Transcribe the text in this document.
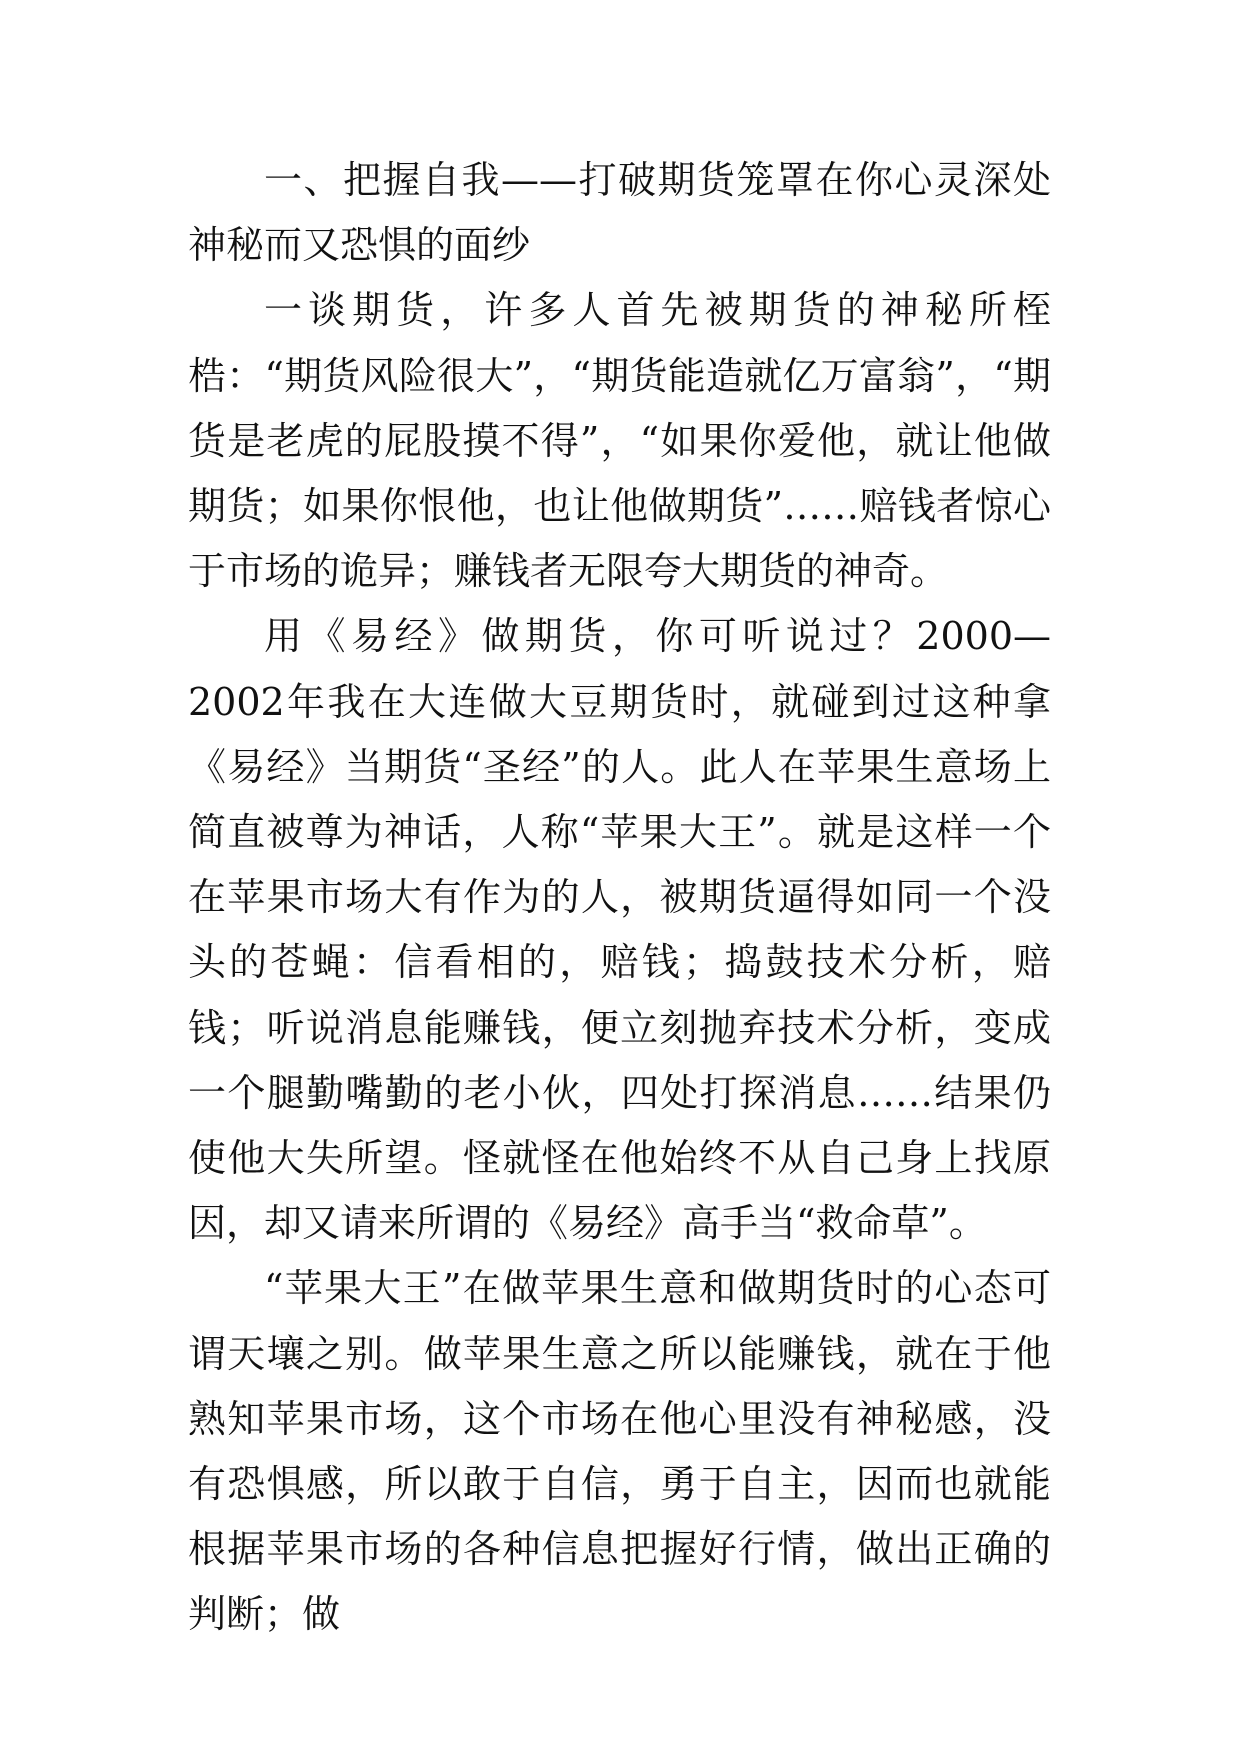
一、把握自我——打破期货笼罩在你心灵深处神秘而又恐惧的面纱

一谈期货，许多人首先被期货的神秘所桎梏：“期货风险很大”，“期货能造就亿万富翁”，“期货是老虎的屁股摸不得”，“如果你爱他，就让他做期货；如果你恨他，也让他做期货”……赔钱者惊心于市场的诡异；赚钱者无限夸大期货的神奇。

用《易经》做期货，你可听说过？2000—2002年我在大连做大豆期货时，就碰到过这种拿《易经》当期货“圣经”的人。此人在苹果生意场上简直被尊为神话，人称“苹果大王”。就是这样一个在苹果市场大有作为的人，被期货逼得如同一个没头的苍蝇：信看相的，赔钱；捣鼓技术分析，赔钱；听说消息能赚钱，便立刻抛弃技术分析，变成一个腿勤嘴勤的老小伙，四处打探消息……结果仍使他大失所望。怪就怪在他始终不从自己身上找原因，却又请来所谓的《易经》高手当“救命草”。

“苹果大王”在做苹果生意和做期货时的心态可谓天壤之别。做苹果生意之所以能赚钱，就在于他熟知苹果市场，这个市场在他心里没有神秘感，没有恐惧感，所以敢于自信，勇于自主，因而也就能根据苹果市场的各种信息把握好行情，做出正确的判断；做
